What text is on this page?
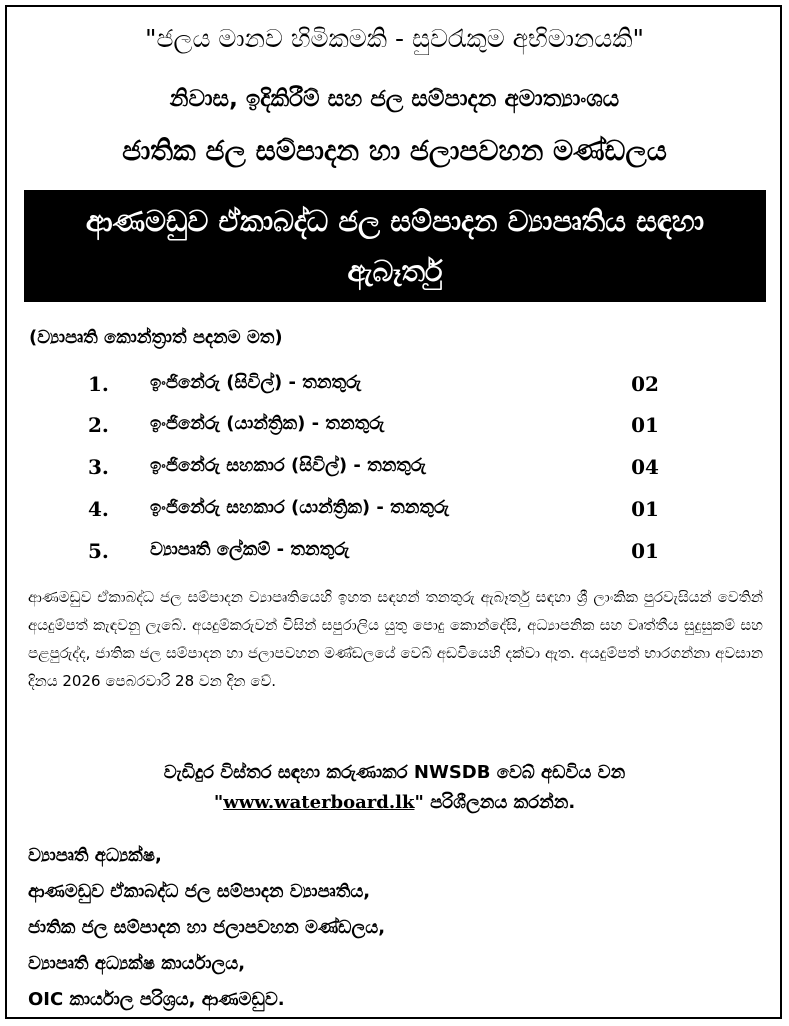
"ජලය මානව හිමිකමකි - සුවරැකුම අභිමානයකි"
නිවාස, ඉදිකිරීම් සහ ජල සම්පාදන අමාත්‍යාංශය
ජාතික ජල සම්පාදන හා ජලාපවහන මණ්ඩලය
ආණමඩුව ඒකාබද්ධ ජල සම්පාදන ව්‍යාපෘතිය සඳහා
ඇබෑර්තු
(ව්‍යාපෘති කොන්ත්‍රාත් පදනම මත)
1. ඉංජිනේරු (සිවිල්) - තනතුරු	02
2. ඉංජිනේරු (යාන්ත්‍රික) - තනතුරු	01
3. ඉංජිනේරු සහකාර (සිවිල්) - තනතුරු	04
4. ඉංජිනේරු සහකාර (යාන්ත්‍රික) - තනතුරු	01
5. ව්‍යාපෘති ලේකම් - තනතුරු	01
ආණමඩුව ඒකාබද්ධ ජල සම්පාදන ව්‍යාපෘතියෙහි ඉහත සඳහන් තනතුරු ඇබෑර්තු සඳහා ශ්‍රී ලාංකික පුරවැසියන් වෙතින් අයදුම්පත් කැඳවනු ලැබේ. අයදුම්කරුවන් විසින් සපුරාලිය යුතු පොදු කොන්දේසි, අධ්‍යාපනික සහ වෘත්තීය සුදුසුකම් සහ පළපුරුද්ද, ජාතික ජල සම්පාදන හා ජලාපවහන මණ්ඩලයේ වෙබ් අඩවියෙහි දක්වා ඇත. අයදුම්පත් භාරගන්නා අවසාන දිනය 2026 පෙබරවාරි 28 වන දින වේ.
වැඩිදුර විස්තර සඳහා කරුණාකර NWSDB වෙබ් අඩවිය වන
"www.waterboard.lk" පරිශීලනය කරන්න.
ව්‍යාපෘති අධ්‍යක්ෂ,
ආණමඩුව ඒකාබද්ධ ජල සම්පාදන ව්‍යාපෘතිය,
ජාතික ජල සම්පාදන හා ජලාපවහන මණ්ඩලය,
ව්‍යාපෘති අධ්‍යක්ෂ කාර්යාලය,
OIC කාර්යාල පරිශ්‍රය, ආණමඩුව.
